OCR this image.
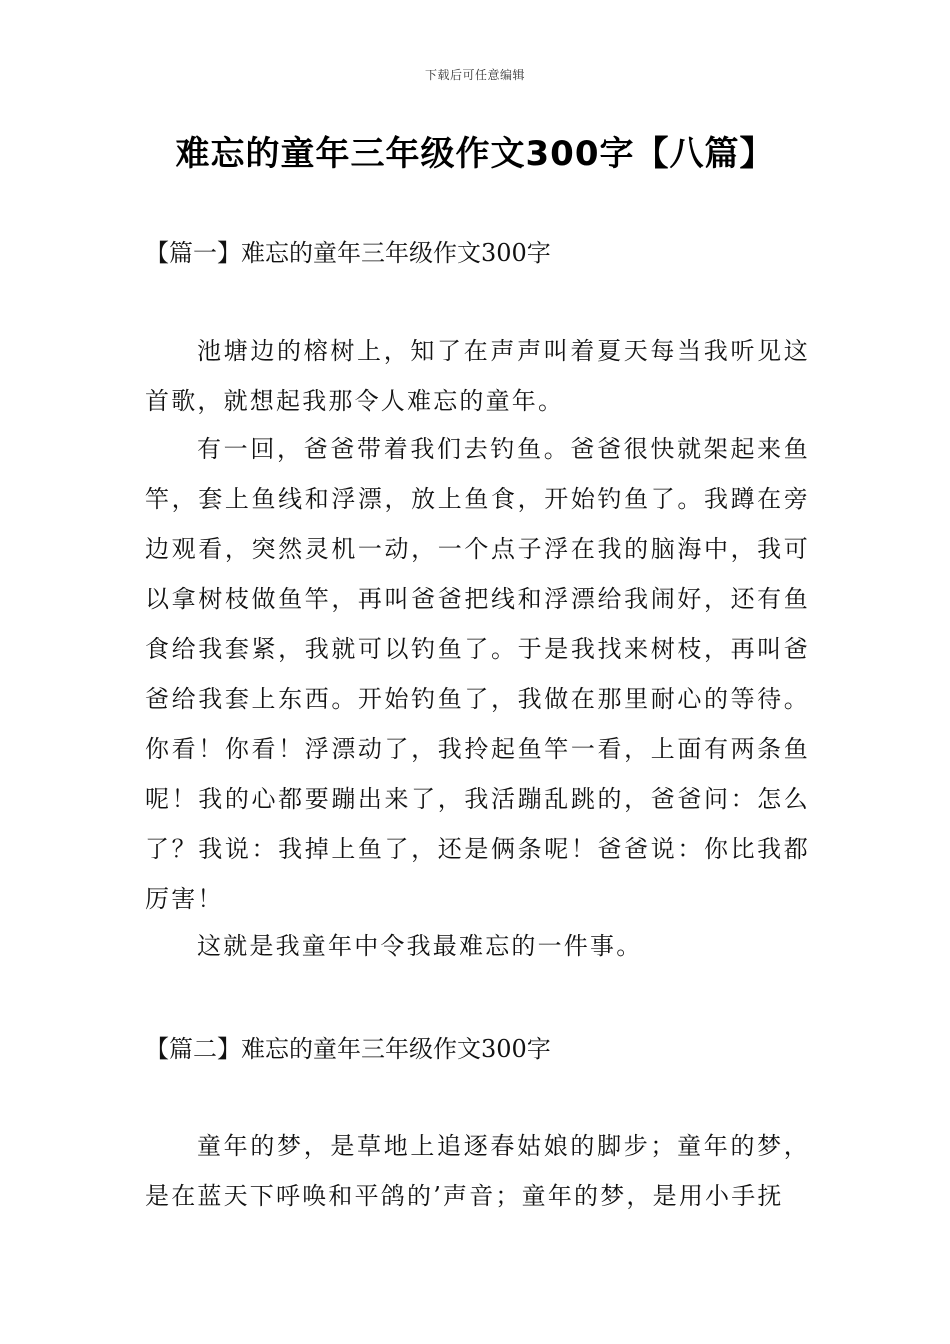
下载后可任意编辑
难忘的童年三年级作文300字【八篇】
【篇一】难忘的童年三年级作文300字

池塘边的榕树上，知了在声声叫着夏天每当我听见这首歌，就想起我那令人难忘的童年。

有一回，爸爸带着我们去钓鱼。爸爸很快就架起来鱼竿，套上鱼线和浮漂，放上鱼食，开始钓鱼了。我蹲在旁边观看，突然灵机一动，一个点子浮在我的脑海中，我可以拿树枝做鱼竿，再叫爸爸把线和浮漂给我闹好，还有鱼食给我套紧，我就可以钓鱼了。于是我找来树枝，再叫爸爸给我套上东西。开始钓鱼了，我做在那里耐心的等待。你看！你看！浮漂动了，我拎起鱼竿一看，上面有两条鱼呢！我的心都要蹦出来了，我活蹦乱跳的，爸爸问：怎么了？我说：我掉上鱼了，还是俩条呢！爸爸说：你比我都厉害！

这就是我童年中令我最难忘的一件事。

【篇二】难忘的童年三年级作文300字

童年的梦，是草地上追逐春姑娘的脚步；童年的梦，是在蓝天下呼唤和平鸽的’声音；童年的梦，是用小手抚
